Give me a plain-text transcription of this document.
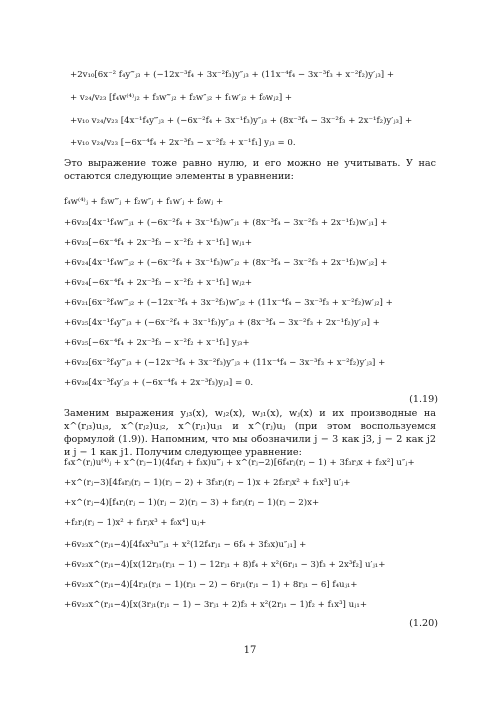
+2v₁₀[6x⁻² f₄y‴ⱼ₃ + (−12x⁻³f₄ + 3x⁻²f₃)y″ⱼ₃ + (11x⁻⁴f₄ − 3x⁻³f₃ + x⁻²f₂)y′ⱼ₃] +
+ v₂₄/v₂₃ [f₄w⁽⁴⁾ⱼ₂ + f₃w‴ⱼ₂ + f₂w″ⱼ₂ + f₁w′ⱼ₂ + f₀wⱼ₂] +
+v₁₀ v₂₄/v₂₃ [4x⁻¹f₄y‴ⱼ₃ + (−6x⁻²f₄ + 3x⁻¹f₃)y″ⱼ₃ + (8x⁻³f₄ − 3x⁻²f₃ + 2x⁻¹f₂)y′ⱼ₃] +
+v₁₀ v₂₄/v₂₃ [−6x⁻⁴f₄ + 2x⁻³f₃ − x⁻²f₂ + x⁻¹f₁] yⱼ₃ = 0.
Это выражение тоже равно нулю, и его можно не учитывать. У нас остаются следующие элементы в уравнении:
f₄w⁽⁴⁾ⱼ + f₃w‴ⱼ + f₂w″ⱼ + f₁w′ⱼ + f₀wⱼ +
+6v₂₃[4x⁻¹f₄w‴ⱼ₁ + (−6x⁻²f₄ + 3x⁻¹f₃)w″ⱼ₁ + (8x⁻³f₄ − 3x⁻²f₃ + 2x⁻¹f₂)w′ⱼ₁] +
+6v₂₃[−6x⁻⁴f₄ + 2x⁻³f₃ − x⁻²f₂ + x⁻¹f₁] wⱼ₁+
+6v₂₄[4x⁻¹f₄w‴ⱼ₂ + (−6x⁻²f₄ + 3x⁻¹f₃)w″ⱼ₂ + (8x⁻³f₄ − 3x⁻²f₃ + 2x⁻¹f₂)w′ⱼ₂] +
+6v₂₄[−6x⁻⁴f₄ + 2x⁻³f₃ − x⁻²f₂ + x⁻¹f₁] wⱼ₂+
+6v₂₁[6x⁻²f₄w‴ⱼ₂ + (−12x⁻³f₄ + 3x⁻²f₃)w″ⱼ₂ + (11x⁻⁴f₄ − 3x⁻³f₃ + x⁻²f₂)w′ⱼ₂] +
+6v₂₅[4x⁻¹f₄y‴ⱼ₃ + (−6x⁻²f₄ + 3x⁻¹f₃)y″ⱼ₃ + (8x⁻³f₄ − 3x⁻²f₃ + 2x⁻¹f₂)y′ⱼ₃] +
+6v₂₅[−6x⁻⁴f₄ + 2x⁻³f₃ − x⁻²f₂ + x⁻¹f₁] yⱼ₃+
+6v₂₂[6x⁻²f₄y‴ⱼ₃ + (−12x⁻³f₄ + 3x⁻²f₃)y″ⱼ₃ + (11x⁻⁴f₄ − 3x⁻³f₃ + x⁻²f₂)y′ⱼ₃] +
+6v₂₆[4x⁻³f₄y′ⱼ₃ + (−6x⁻⁴f₄ + 2x⁻³f₃)yⱼ₃] = 0.
(1.19)
Заменим выражения yⱼ₃(x), wⱼ₂(x), wⱼ₁(x), wⱼ(x) и их производные на x^(rⱼ₃)uⱼ₃, x^(rⱼ₂)uⱼ₂, x^(rⱼ₁)uⱼ₁ и x^(rⱼ)uⱼ (при этом воспользуемся формулой (1.9)). Напомним, что мы обозначили j − 3 как j3, j − 2 как j2 и j − 1 как j1. Получим следующее уравнение:
f₄x^(rⱼ)u⁽⁴⁾ⱼ + x^(rⱼ−1)(4f₄rⱼ + f₃x)u‴ⱼ + x^(rⱼ−2)[6f₄rⱼ(rⱼ − 1) + 3f₃rⱼx + f₂x²] u″ⱼ+
+x^(rⱼ−3)[4f₄rⱼ(rⱼ − 1)(rⱼ − 2) + 3f₃rⱼ(rⱼ − 1)x + 2f₂rⱼx² + f₁x³] u′ⱼ+
+x^(rⱼ−4)[f₄rⱼ(rⱼ − 1)(rⱼ − 2)(rⱼ − 3) + f₃rⱼ(rⱼ − 1)(rⱼ − 2)x+
+f₂rⱼ(rⱼ − 1)x² + f₁rⱼx³ + f₀x⁴] uⱼ+
+6v₂₃x^(rⱼ₁−4)[4f₄x³u‴ⱼ₁ + x²(12f₄rⱼ₁ − 6f₄ + 3f₃x)u″ⱼ₁] +
+6v₂₃x^(rⱼ₁−4)[x(12rⱼ₁(rⱼ₁ − 1) − 12rⱼ₁ + 8)f₄ + x²(6rⱼ₁ − 3)f₃ + 2x³f₂] u′ⱼ₁+
+6v₂₃x^(rⱼ₁−4)[4rⱼ₁(rⱼ₁ − 1)(rⱼ₁ − 2) − 6rⱼ₁(rⱼ₁ − 1) + 8rⱼ₁ − 6] f₄uⱼ₁+
+6v₂₃x^(rⱼ₁−4)[x(3rⱼ₁(rⱼ₁ − 1) − 3rⱼ₁ + 2)f₃ + x²(2rⱼ₁ − 1)f₂ + f₁x³] uⱼ₁+
(1.20)
17
